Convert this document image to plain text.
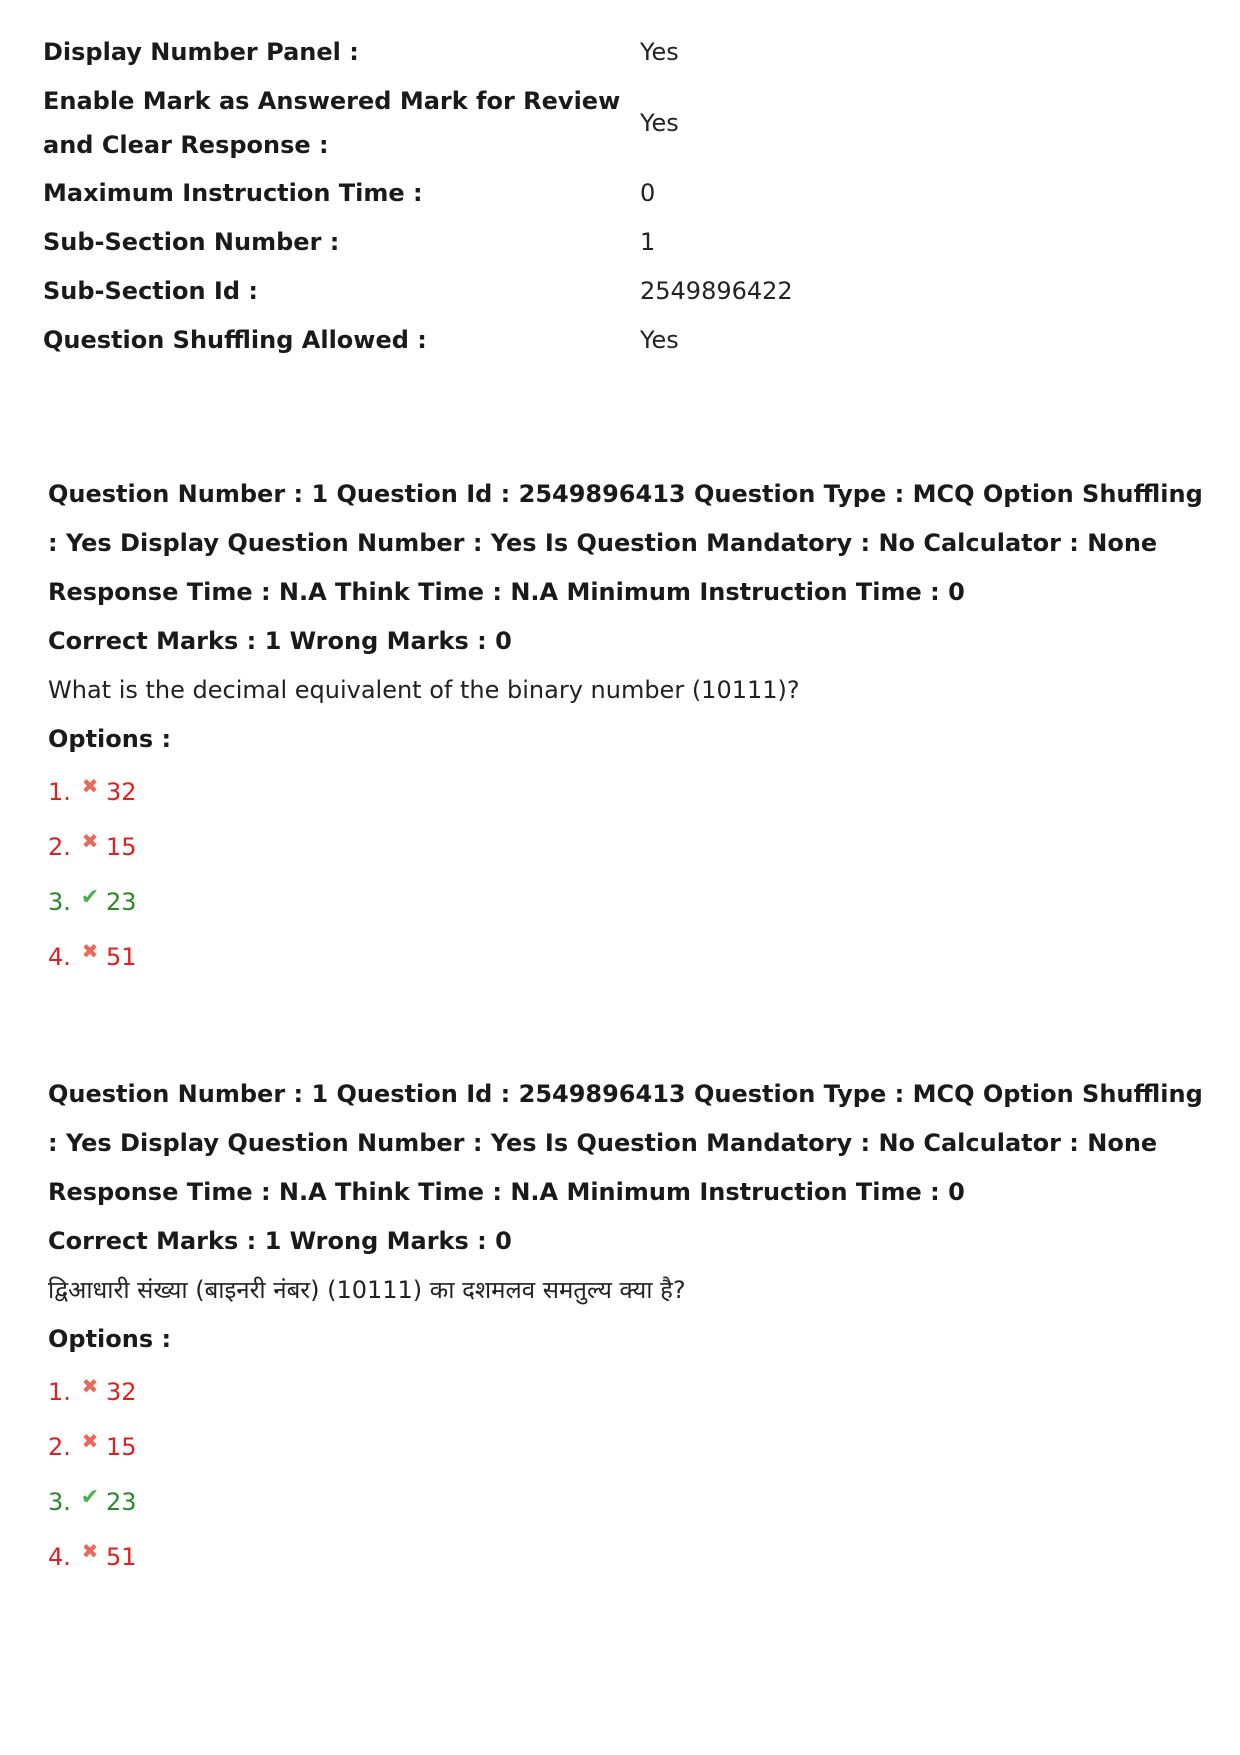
Display Number Panel :	Yes
Enable Mark as Answered Mark for Review and Clear Response :
Yes
Maximum Instruction Time :	0
Sub-Section Number :	1
Sub-Section Id :	2549896422
Question Shuffling Allowed :	Yes

Question Number : 1 Question Id : 2549896413 Question Type : MCQ Option Shuffling : Yes Display Question Number : Yes Is Question Mandatory : No Calculator : None Response Time : N.A Think Time : N.A Minimum Instruction Time : 0

Correct Marks : 1 Wrong Marks : 0

What is the decimal equivalent of the binary number (10111)?

Options :

1. ✖ 32
2. ✖ 15
3. ✔ 23
4. ✖ 51

Question Number : 1 Question Id : 2549896413 Question Type : MCQ Option Shuffling : Yes Display Question Number : Yes Is Question Mandatory : No Calculator : None Response Time : N.A Think Time : N.A Minimum Instruction Time : 0

Correct Marks : 1 Wrong Marks : 0

द्विआधारी संख्या (बाइनरी नंबर) (10111) का दशमलव समतुल्य क्या है?

Options :

1. ✖ 32
2. ✖ 15
3. ✔ 23
4. ✖ 51
